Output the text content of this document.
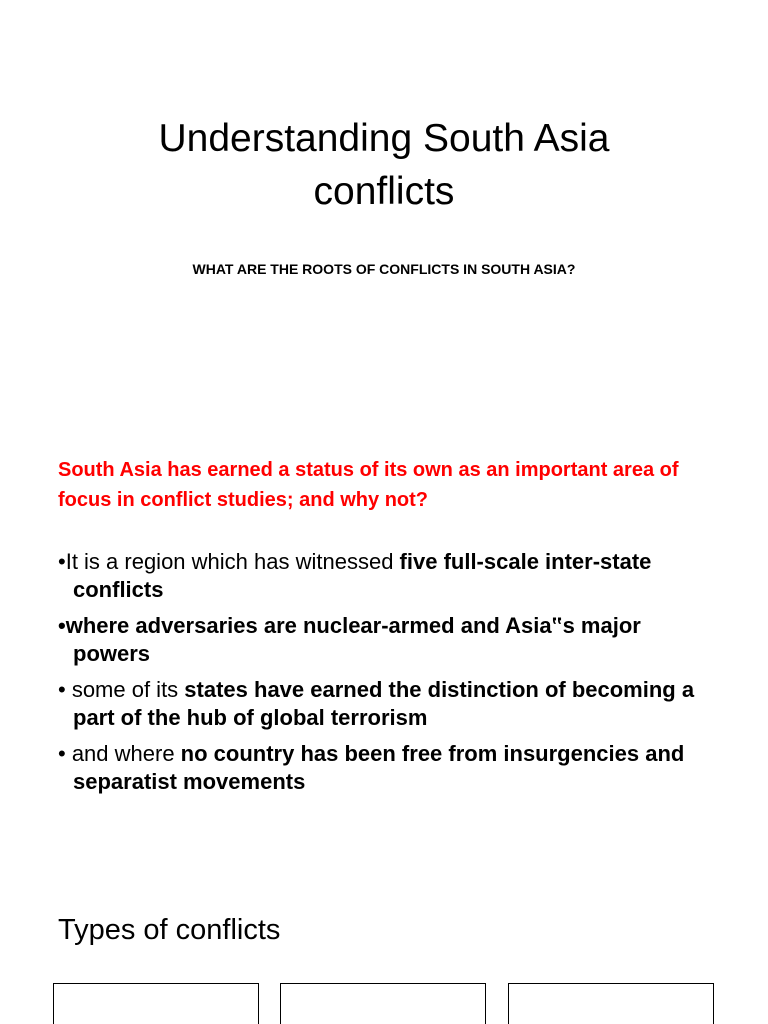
Understanding South Asia conflicts

WHAT ARE THE ROOTS OF CONFLICTS IN SOUTH ASIA?

South Asia has earned a status of its own as an important area of focus in conflict studies; and why not?

•It is a region which has witnessed five full-scale inter-state conflicts
•where adversaries are nuclear-armed and Asia‟s major powers
• some of its states have earned the distinction of becoming a part of the hub of global terrorism
• and where no country has been free from insurgencies and separatist movements
Types of conflicts
